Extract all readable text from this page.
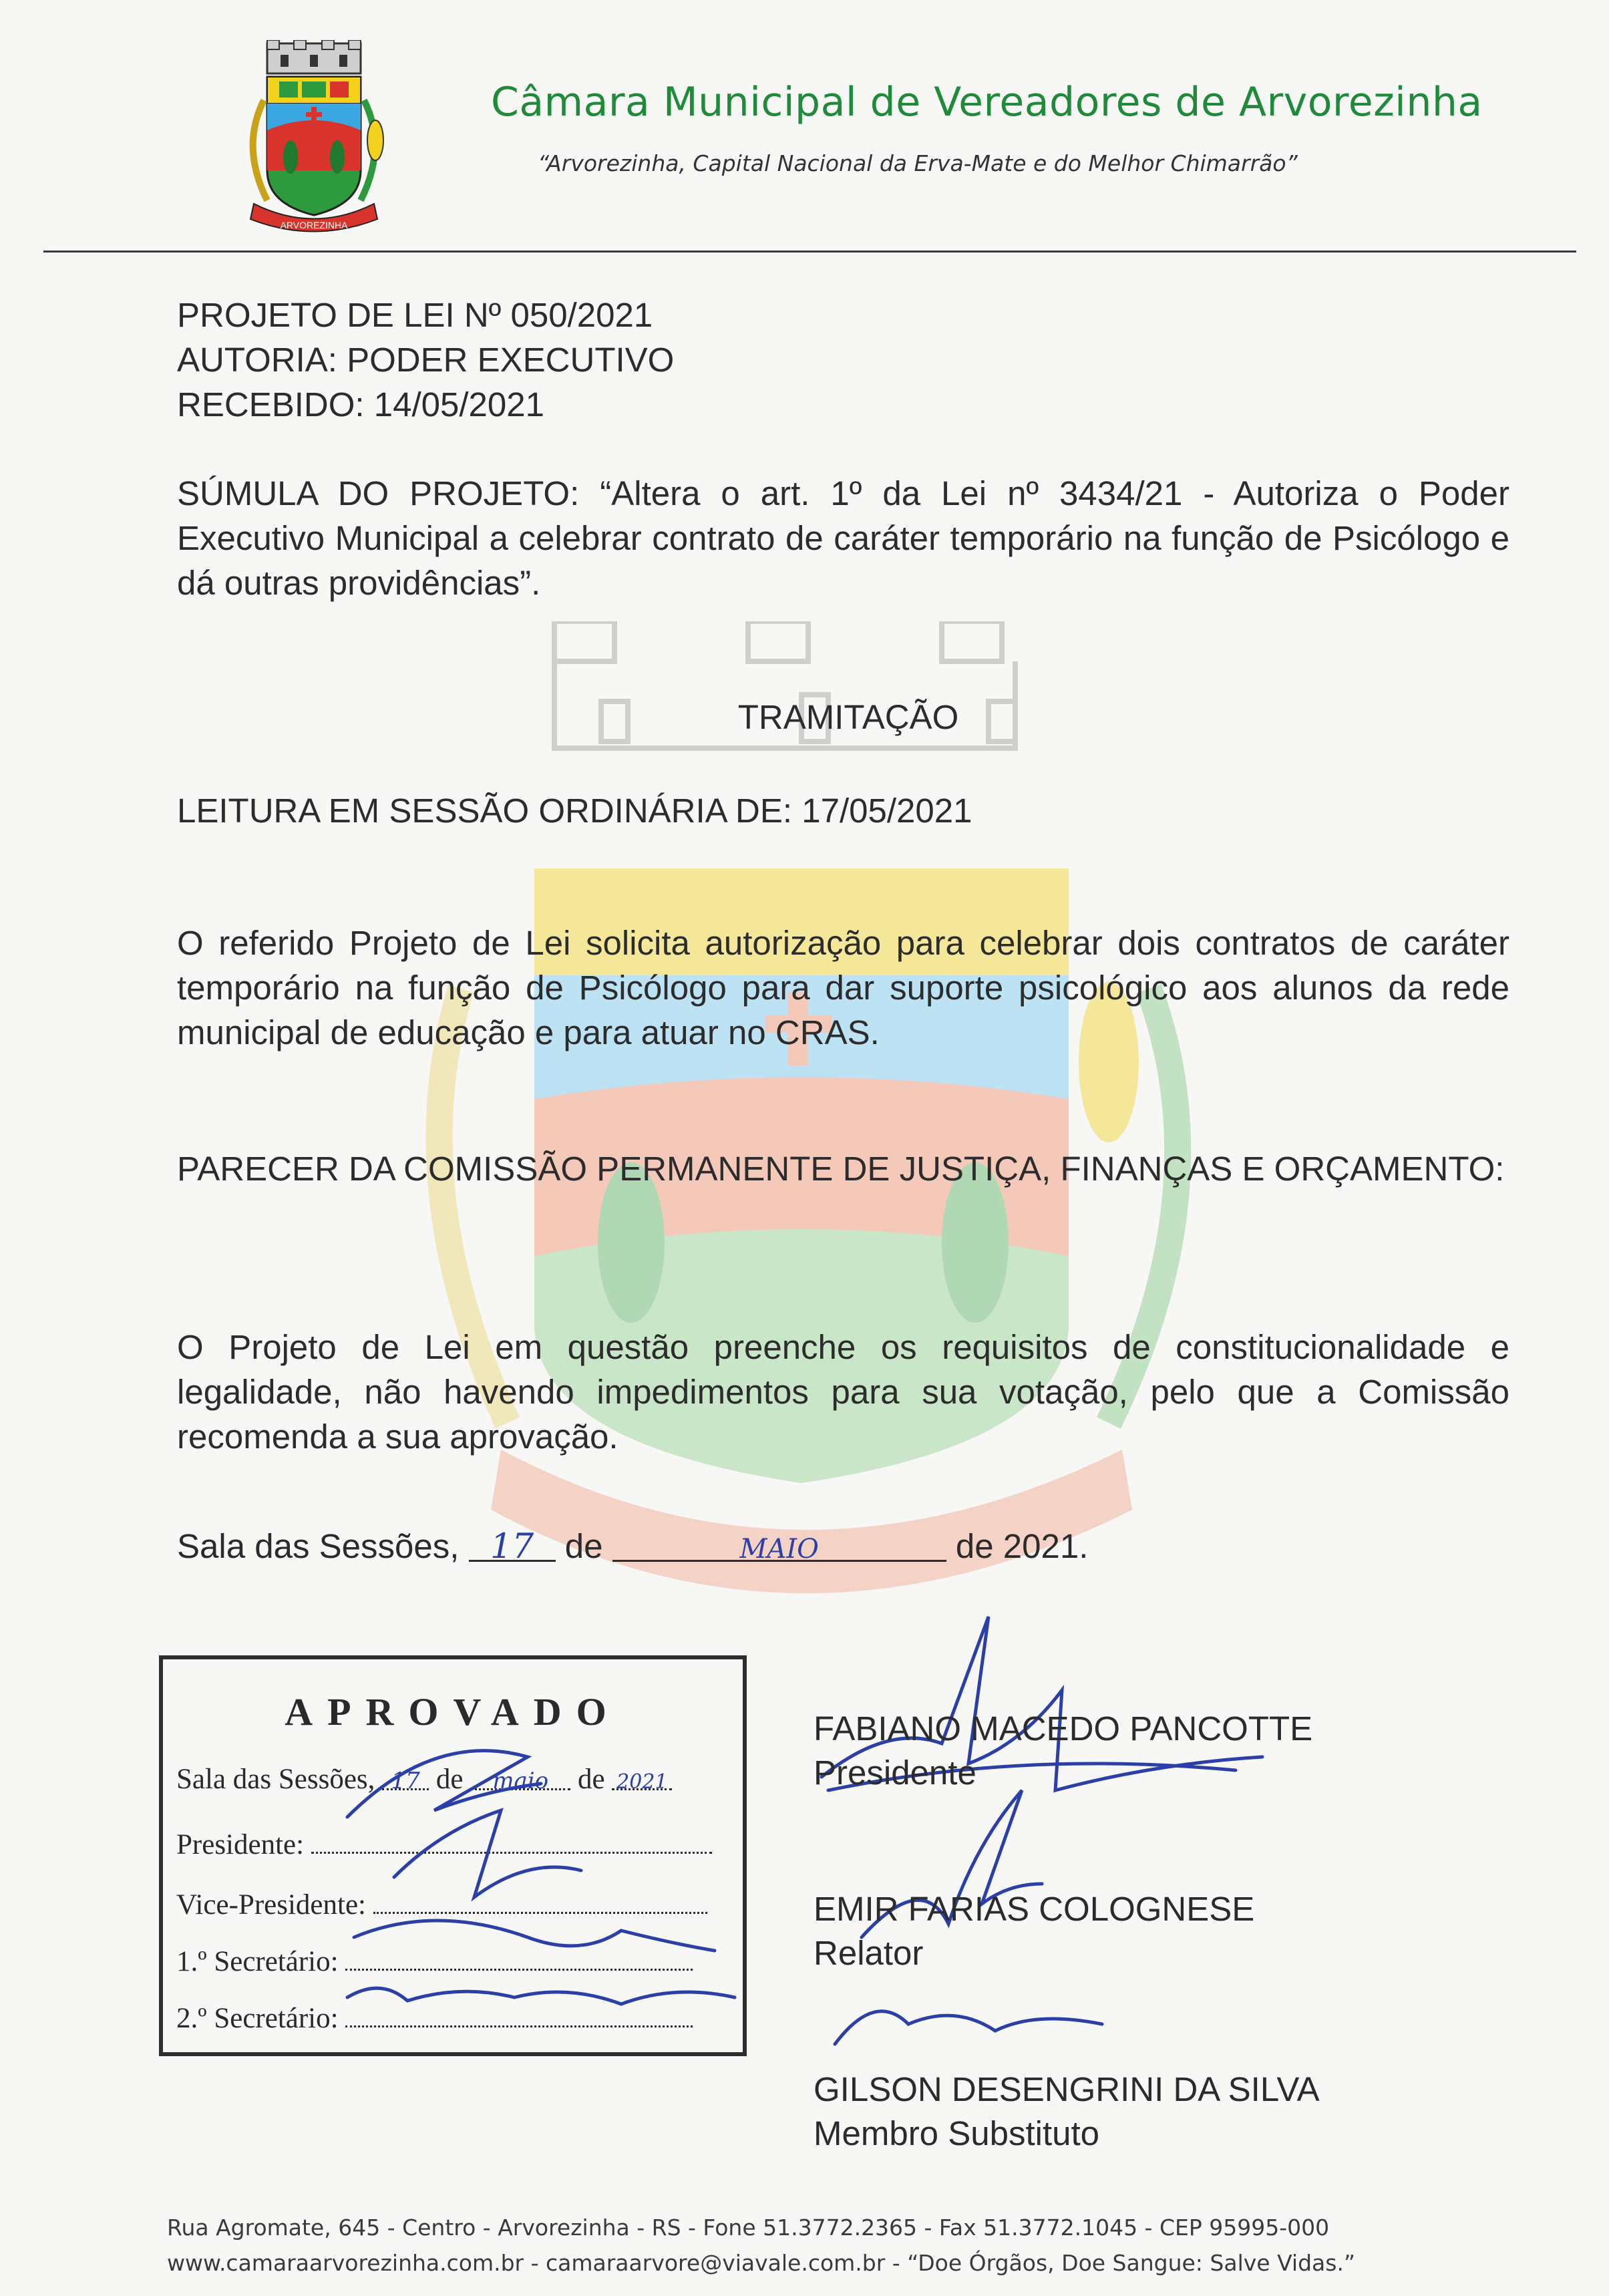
ARVOREZINHA
Câmara Municipal de Vereadores de Arvorezinha
“Arvorezinha, Capital Nacional da Erva-Mate e do Melhor Chimarrão”
PROJETO DE LEI Nº 050/2021
AUTORIA: PODER EXECUTIVO
RECEBIDO: 14/05/2021
SÚMULA DO PROJETO: “Altera o art. 1º da Lei nº 3434/21 - Autoriza o Poder Executivo Municipal a celebrar contrato de caráter temporário na função de Psicólogo e dá outras providências”.
TRAMITAÇÃO
LEITURA EM SESSÃO ORDINÁRIA DE: 17/05/2021
O referido Projeto de Lei solicita autorização para celebrar dois contratos de caráter temporário na função de Psicólogo para dar suporte psicológico aos alunos da rede municipal de educação e para atuar no CRAS.
PARECER DA COMISSÃO PERMANENTE DE JUSTIÇA, FINANÇAS E ORÇAMENTO:
O Projeto de Lei em questão preenche os requisitos de constitucionalidade e legalidade, não havendo impedimentos para sua votação, pelo que a Comissão recomenda a sua aprovação.
Sala das Sessões, 17 de	MAIO	de 2021.
APROVADO
Sala das Sessões, 17 de maio de 2021
Presidente:
Vice-Presidente:
1.º Secretário:
2.º Secretário:
FABIANO MACEDO PANCOTTE
Presidente
EMIR FARIAS COLOGNESE
Relator
GILSON DESENGRINI DA SILVA
Membro Substituto
Rua Agromate, 645 - Centro - Arvorezinha - RS - Fone 51.3772.2365 - Fax 51.3772.1045 - CEP 95995-000
www.camaraarvorezinha.com.br - camaraarvore@viavale.com.br - “Doe Órgãos, Doe Sangue: Salve Vidas.”
